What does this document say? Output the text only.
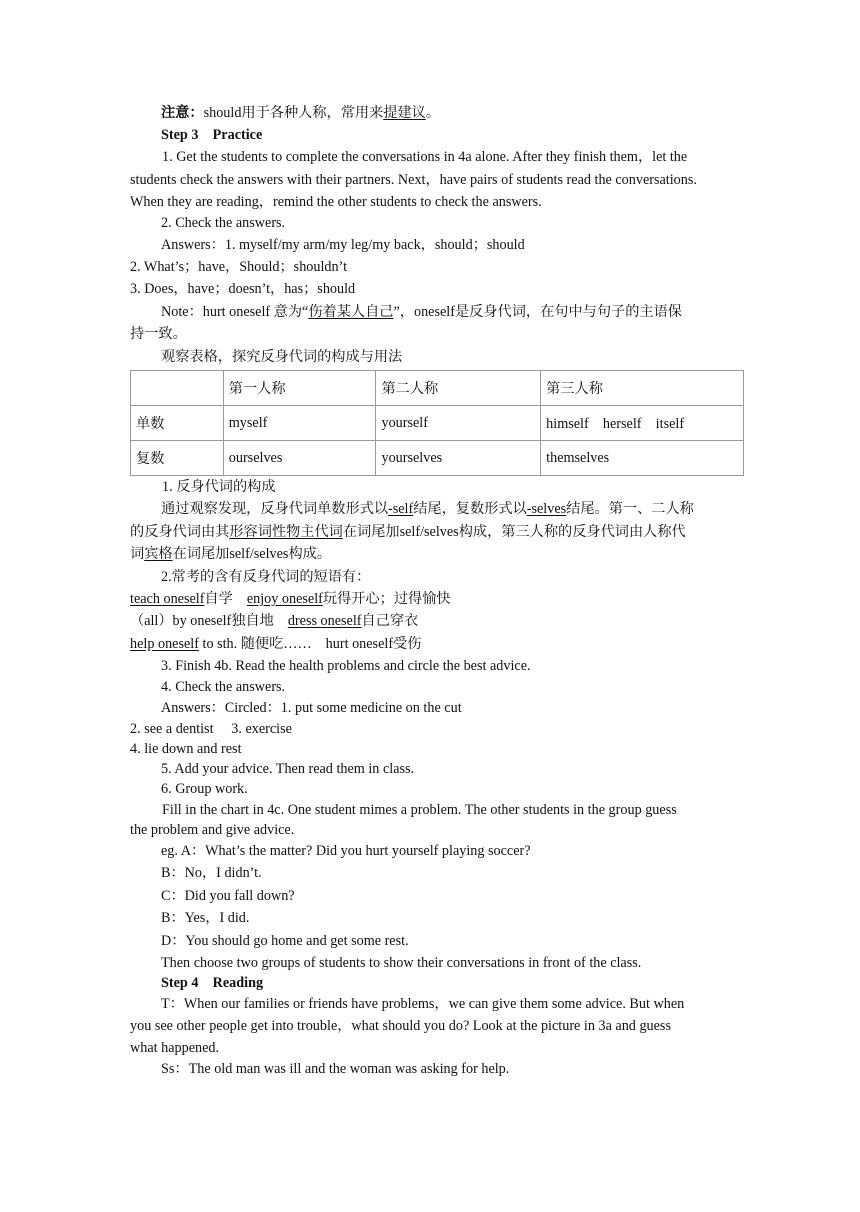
注意：should用于各种人称，常用来提建议。
Step 3　Practice
1. Get the students to complete the conversations in 4a alone. After they finish them，let the
students check the answers with their partners. Next，have pairs of students read the conversations.
When they are reading，remind the other students to check the answers.
2. Check the answers.
Answers：1. myself/my arm/my leg/my back，should；should
2. What’s；have，Should；shouldn’t
3. Does，have；doesn’t，has；should
Note：hurt oneself 意为“伤着某人自己”，oneself是反身代词，在句中与句子的主语保
持一致。
观察表格，探究反身代词的构成与用法
	第一人称	第二人称	第三人称
单数	myself	yourself	himself　herself　itself
复数	ourselves	yourselves	themselves
1. 反身代词的构成
通过观察发现，反身代词单数形式以-self结尾，复数形式以-selves结尾。第一、二人称
的反身代词由其形容词性物主代词在词尾加self/selves构成，第三人称的反身代词由人称代
词宾格在词尾加self/selves构成。
2.常考的含有反身代词的短语有：
teach oneself自学 enjoy oneself玩得开心；过得愉快
（all）by oneself独自地 dress oneself自己穿衣
help oneself to sth. 随便吃…… hurt oneself受伤
3. Finish 4b. Read the health problems and circle the best advice.
4. Check the answers.
Answers：Circled：1. put some medicine on the cut
2. see a dentist　 3. exercise
4. lie down and rest
5. Add your advice. Then read them in class.
6. Group work.
Fill in the chart in 4c. One student mimes a problem. The other students in the group guess
the problem and give advice.
eg. A：What’s the matter? Did you hurt yourself playing soccer?
B：No，I didn’t.
C：Did you fall down?
B：Yes，I did.
D：You should go home and get some rest.
Then choose two groups of students to show their conversations in front of the class.
Step 4　Reading
T：When our families or friends have problems，we can give them some advice. But when
you see other people get into trouble，what should you do? Look at the picture in 3a and guess
what happened.
Ss：The old man was ill and the woman was asking for help.
